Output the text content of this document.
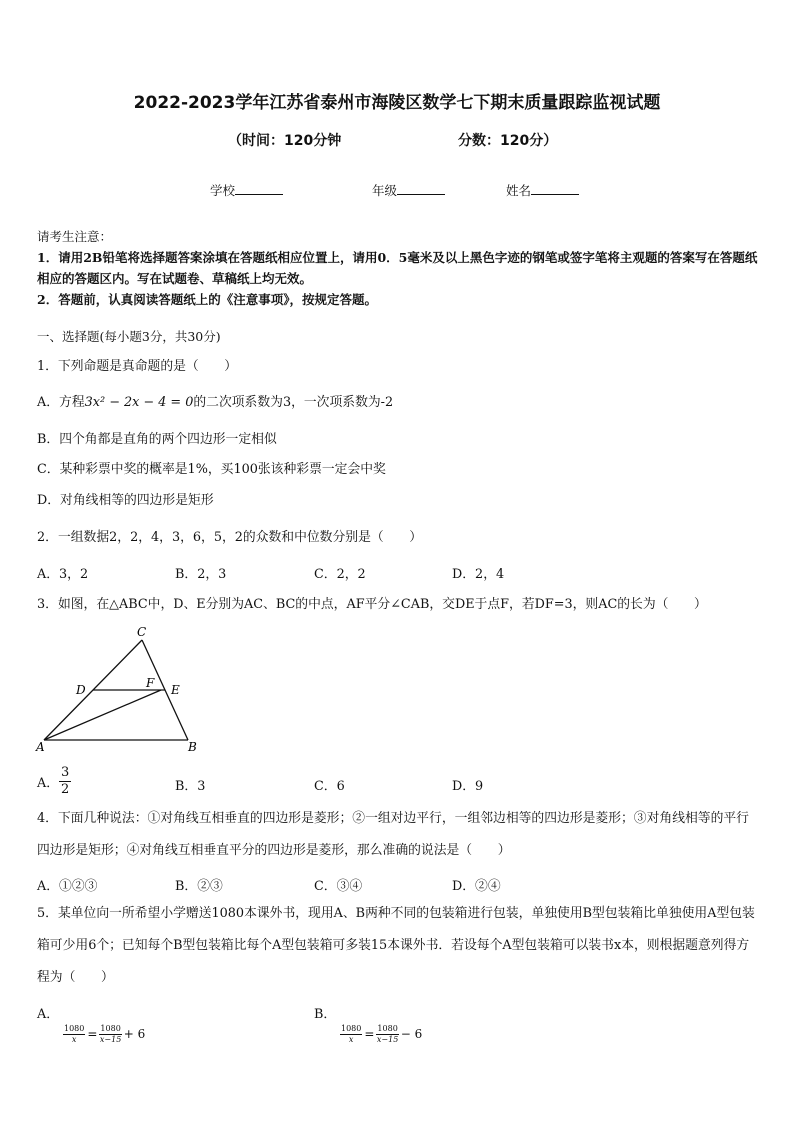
2022-2023学年江苏省泰州市海陵区数学七下期末质量跟踪监视试题
（时间：120分钟	分数：120分）
学校	年级	姓名

请考生注意：

1．请用2B铅笔将选择题答案涂填在答题纸相应位置上，请用0．5毫米及以上黑色字迹的钢笔或签字笔将主观题的答案写在答题纸相应的答题区内。写在试题卷、草稿纸上均无效。

2．答题前，认真阅读答题纸上的《注意事项》，按规定答题。

一、选择题(每小题3分，共30分)
1．下列命题是真命题的是（　　）
A．方程3x² − 2x − 4 = 0的二次项系数为3，一次项系数为-2
B．四个角都是直角的两个四边形一定相似
C．某种彩票中奖的概率是1%，买100张该种彩票一定会中奖
D．对角线相等的四边形是矩形
2．一组数据2，2，4，3，6，5，2的众数和中位数分别是（　　）
A．3，2	B．2，3	C．2，2	D．2，4
3．如图，在△ABC中，D、E分别为AC、BC的中点，AF平分∠CAB，交DE于点F，若DF=3，则AC的长为（　　）
C
D	F E
A	B
A． $\frac{3}{2}$	B．3	C．6	D．9
4．下面几种说法：①对角线互相垂直的四边形是菱形；②一组对边平行，一组邻边相等的四边形是菱形；③对角线相等的平行四边形是矩形；④对角线互相垂直平分的四边形是菱形，那么准确的说法是（　　）
A．①②③	B．②③	C．③④	D．②④
5．某单位向一所希望小学赠送1080本课外书，现用A、B两种不同的包装箱进行包装，单独使用B型包装箱比单独使用A型包装箱可少用6个；已知每个B型包装箱比每个A型包装箱可多装15本课外书．若设每个A型包装箱可以装书x本，则根据题意列得方程为（　　）
A．
$\frac{1080}{x} = \frac{1080}{x-15} + 6$
B．
$\frac{1080}{x} = \frac{1080}{x-15} - 6$
